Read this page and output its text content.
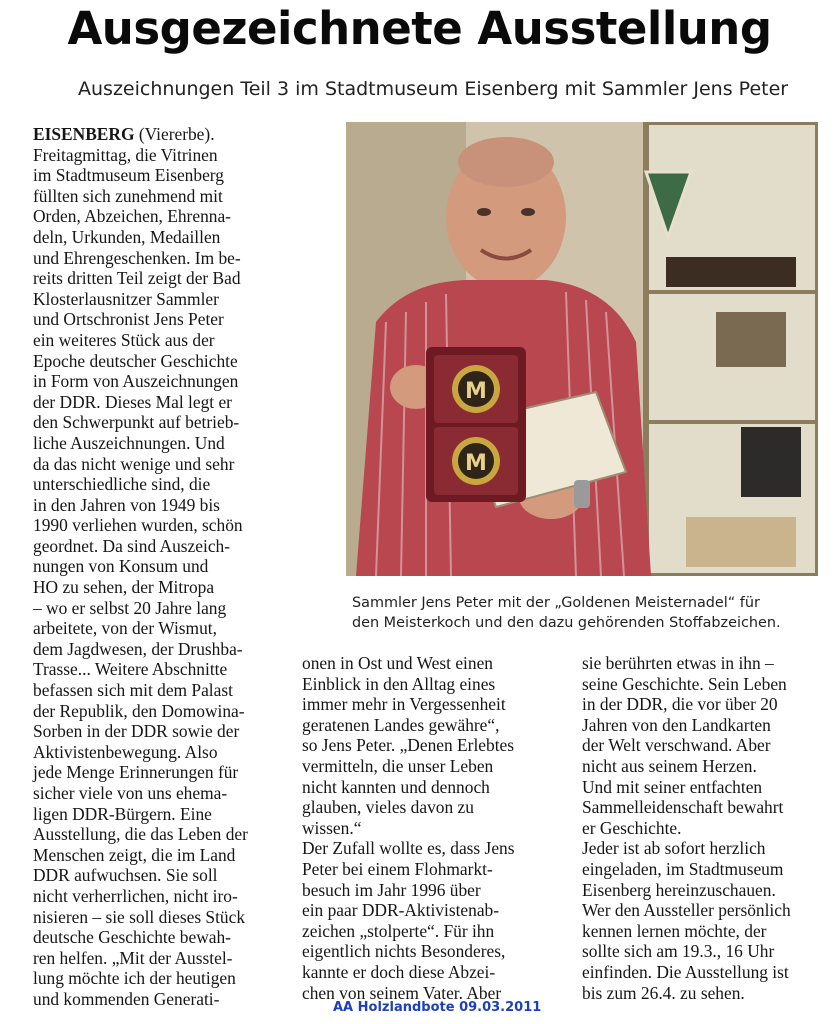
Ausgezeichnete Ausstellung
Auszeichnungen Teil 3 im Stadtmuseum Eisenberg mit Sammler Jens Peter
EISENBERG (Viererbe).
Freitagmittag, die Vitrinen
im Stadtmuseum Eisenberg
füllten sich zunehmend mit
Orden, Abzeichen, Ehrenna-
deln, Urkunden, Medaillen
und Ehrengeschenken. Im be-
reits dritten Teil zeigt der Bad
Klosterlausnitzer Sammler
und Ortschronist Jens Peter
ein weiteres Stück aus der
Epoche deutscher Geschichte
in Form von Auszeichnungen
der DDR. Dieses Mal legt er
den Schwerpunkt auf betrieb-
liche Auszeichnungen. Und
da das nicht wenige und sehr
unterschiedliche sind, die
in den Jahren von 1949 bis
1990 verliehen wurden, schön
geordnet. Da sind Auszeich-
nungen von Konsum und
HO zu sehen, der Mitropa
– wo er selbst 20 Jahre lang
arbeitete, von der Wismut,
dem Jagdwesen, der Drushba-
Trasse... Weitere Abschnitte
befassen sich mit dem Palast
der Republik, den Domowina-
Sorben in der DDR sowie der
Aktivistenbewegung. Also
jede Menge Erinnerungen für
sicher viele von uns ehema-
ligen DDR-Bürgern. Eine
Ausstellung, die das Leben der
Menschen zeigt, die im Land
DDR aufwuchsen. Sie soll
nicht verherrlichen, nicht iro-
nisieren – sie soll dieses Stück
deutsche Geschichte bewah-
ren helfen. „Mit der Ausstel-
lung möchte ich der heutigen
und kommenden Generati-
M
M
Sammler Jens Peter mit der „Goldenen Meisternadel“ für
den Meisterkoch und den dazu gehörenden Stoffabzeichen.
onen in Ost und West einen
Einblick in den Alltag eines
immer mehr in Vergessenheit
geratenen Landes gewähre“,
so Jens Peter. „Denen Erlebtes
vermitteln, die unser Leben
nicht kannten und dennoch
glauben, vieles davon zu
wissen.“
Der Zufall wollte es, dass Jens
Peter bei einem Flohmarkt-
besuch im Jahr 1996 über
ein paar DDR-Aktivistenab-
zeichen „stolperte“. Für ihn
eigentlich nichts Besonderes,
kannte er doch diese Abzei-
chen von seinem Vater. Aber
sie berührten etwas in ihn –
seine Geschichte. Sein Leben
in der DDR, die vor über 20
Jahren von den Landkarten
der Welt verschwand. Aber
nicht aus seinem Herzen.
Und mit seiner entfachten
Sammelleidenschaft bewahrt
er Geschichte.
Jeder ist ab sofort herzlich
eingeladen, im Stadtmuseum
Eisenberg hereinzuschauen.
Wer den Aussteller persönlich
kennen lernen möchte, der
sollte sich am 19.3., 16 Uhr
einfinden. Die Ausstellung ist
bis zum 26.4. zu sehen.
AA Holzlandbote 09.03.2011
